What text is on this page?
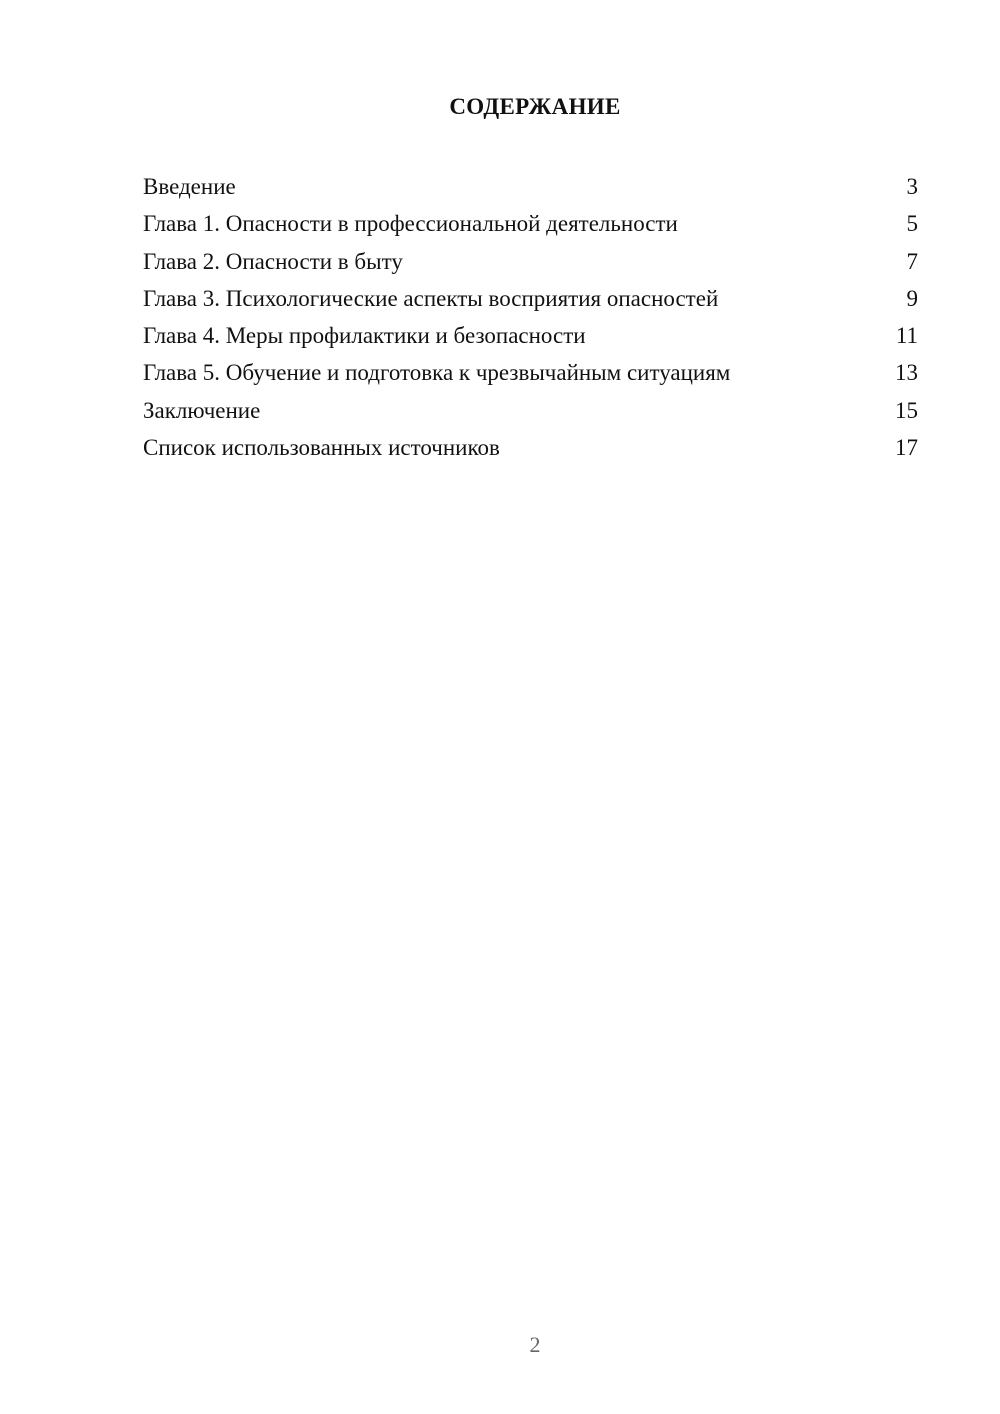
СОДЕРЖАНИЕ
Введение	3
Глава 1. Опасности в профессиональной деятельности	5
Глава 2. Опасности в быту	7
Глава 3. Психологические аспекты восприятия опасностей	9
Глава 4. Меры профилактики и безопасности	11
Глава 5. Обучение и подготовка к чрезвычайным ситуациям	13
Заключение	15
Список использованных источников	17
2
